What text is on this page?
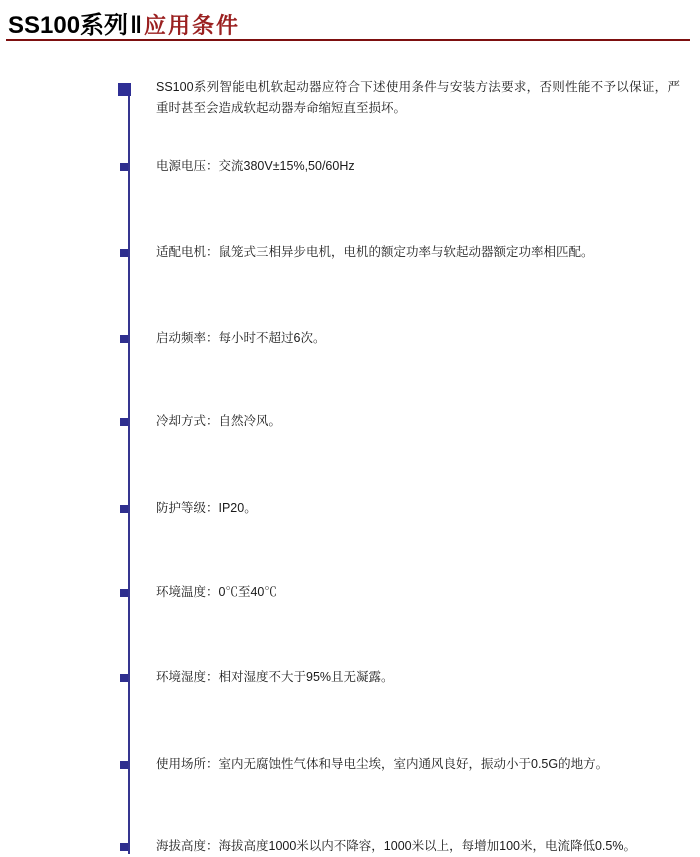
SS100系列‖应用条件
SS100系列智能电机软起动器应符合下述使用条件与安装方法要求，否则性能不予以保证，严重时甚至会造成软起动器寿命缩短直至损坏。
电源电压：交流380V±15%,50/60Hz
适配电机：鼠笼式三相异步电机，电机的额定功率与软起动器额定功率相匹配。
启动频率：每小时不超过6次。
冷却方式：自然冷风。
防护等级：IP20。
环境温度：0℃至40℃
环境湿度：相对湿度不大于95%且无凝露。
使用场所：室内无腐蚀性气体和导电尘埃，室内通风良好，振动小于0.5G的地方。
海拔高度：海拔高度1000米以内不降容，1000米以上，每增加100米，电流降低0.5%。
